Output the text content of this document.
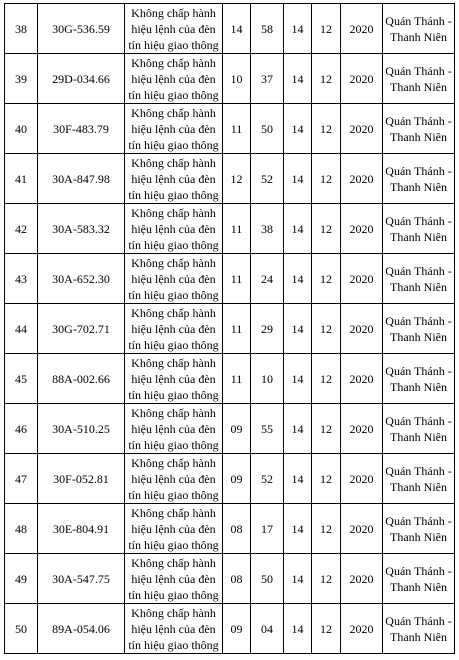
38	30G-536.59	Không chấp hành
hiệu lệnh của đèn
tín hiệu giao thông	14	58	14	12	2020	Quán Thánh -
Thanh Niên

39	29D-034.66	Không chấp hành
hiệu lệnh của đèn
tín hiệu giao thông	10	37	14	12	2020	Quán Thánh -
Thanh Niên

40	30F-483.79	Không chấp hành
hiệu lệnh của đèn
tín hiệu giao thông	11	50	14	12	2020	Quán Thánh -
Thanh Niên

41	30A-847.98	Không chấp hành
hiệu lệnh của đèn
tín hiệu giao thông	12	52	14	12	2020	Quán Thánh -
Thanh Niên

42	30A-583.32	Không chấp hành
hiệu lệnh của đèn
tín hiệu giao thông	11	38	14	12	2020	Quán Thánh -
Thanh Niên

43	30A-652.30	Không chấp hành
hiệu lệnh của đèn
tín hiệu giao thông	11	24	14	12	2020	Quán Thánh -
Thanh Niên

44	30G-702.71	Không chấp hành
hiệu lệnh của đèn
tín hiệu giao thông	11	29	14	12	2020	Quán Thánh -
Thanh Niên

45	88A-002.66	Không chấp hành
hiệu lệnh của đèn
tín hiệu giao thông	11	10	14	12	2020	Quán Thánh -
Thanh Niên

46	30A-510.25	Không chấp hành
hiệu lệnh của đèn
tín hiệu giao thông	09	55	14	12	2020	Quán Thánh -
Thanh Niên

47	30F-052.81	Không chấp hành
hiệu lệnh của đèn
tín hiệu giao thông	09	52	14	12	2020	Quán Thánh -
Thanh Niên

48	30E-804.91	Không chấp hành
hiệu lệnh của đèn
tín hiệu giao thông	08	17	14	12	2020	Quán Thánh -
Thanh Niên

49	30A-547.75	Không chấp hành
hiệu lệnh của đèn
tín hiệu giao thông	08	50	14	12	2020	Quán Thánh -
Thanh Niên

50	89A-054.06	Không chấp hành
hiệu lệnh của đèn
tín hiệu giao thông	09	04	14	12	2020	Quán Thánh -
Thanh Niên
